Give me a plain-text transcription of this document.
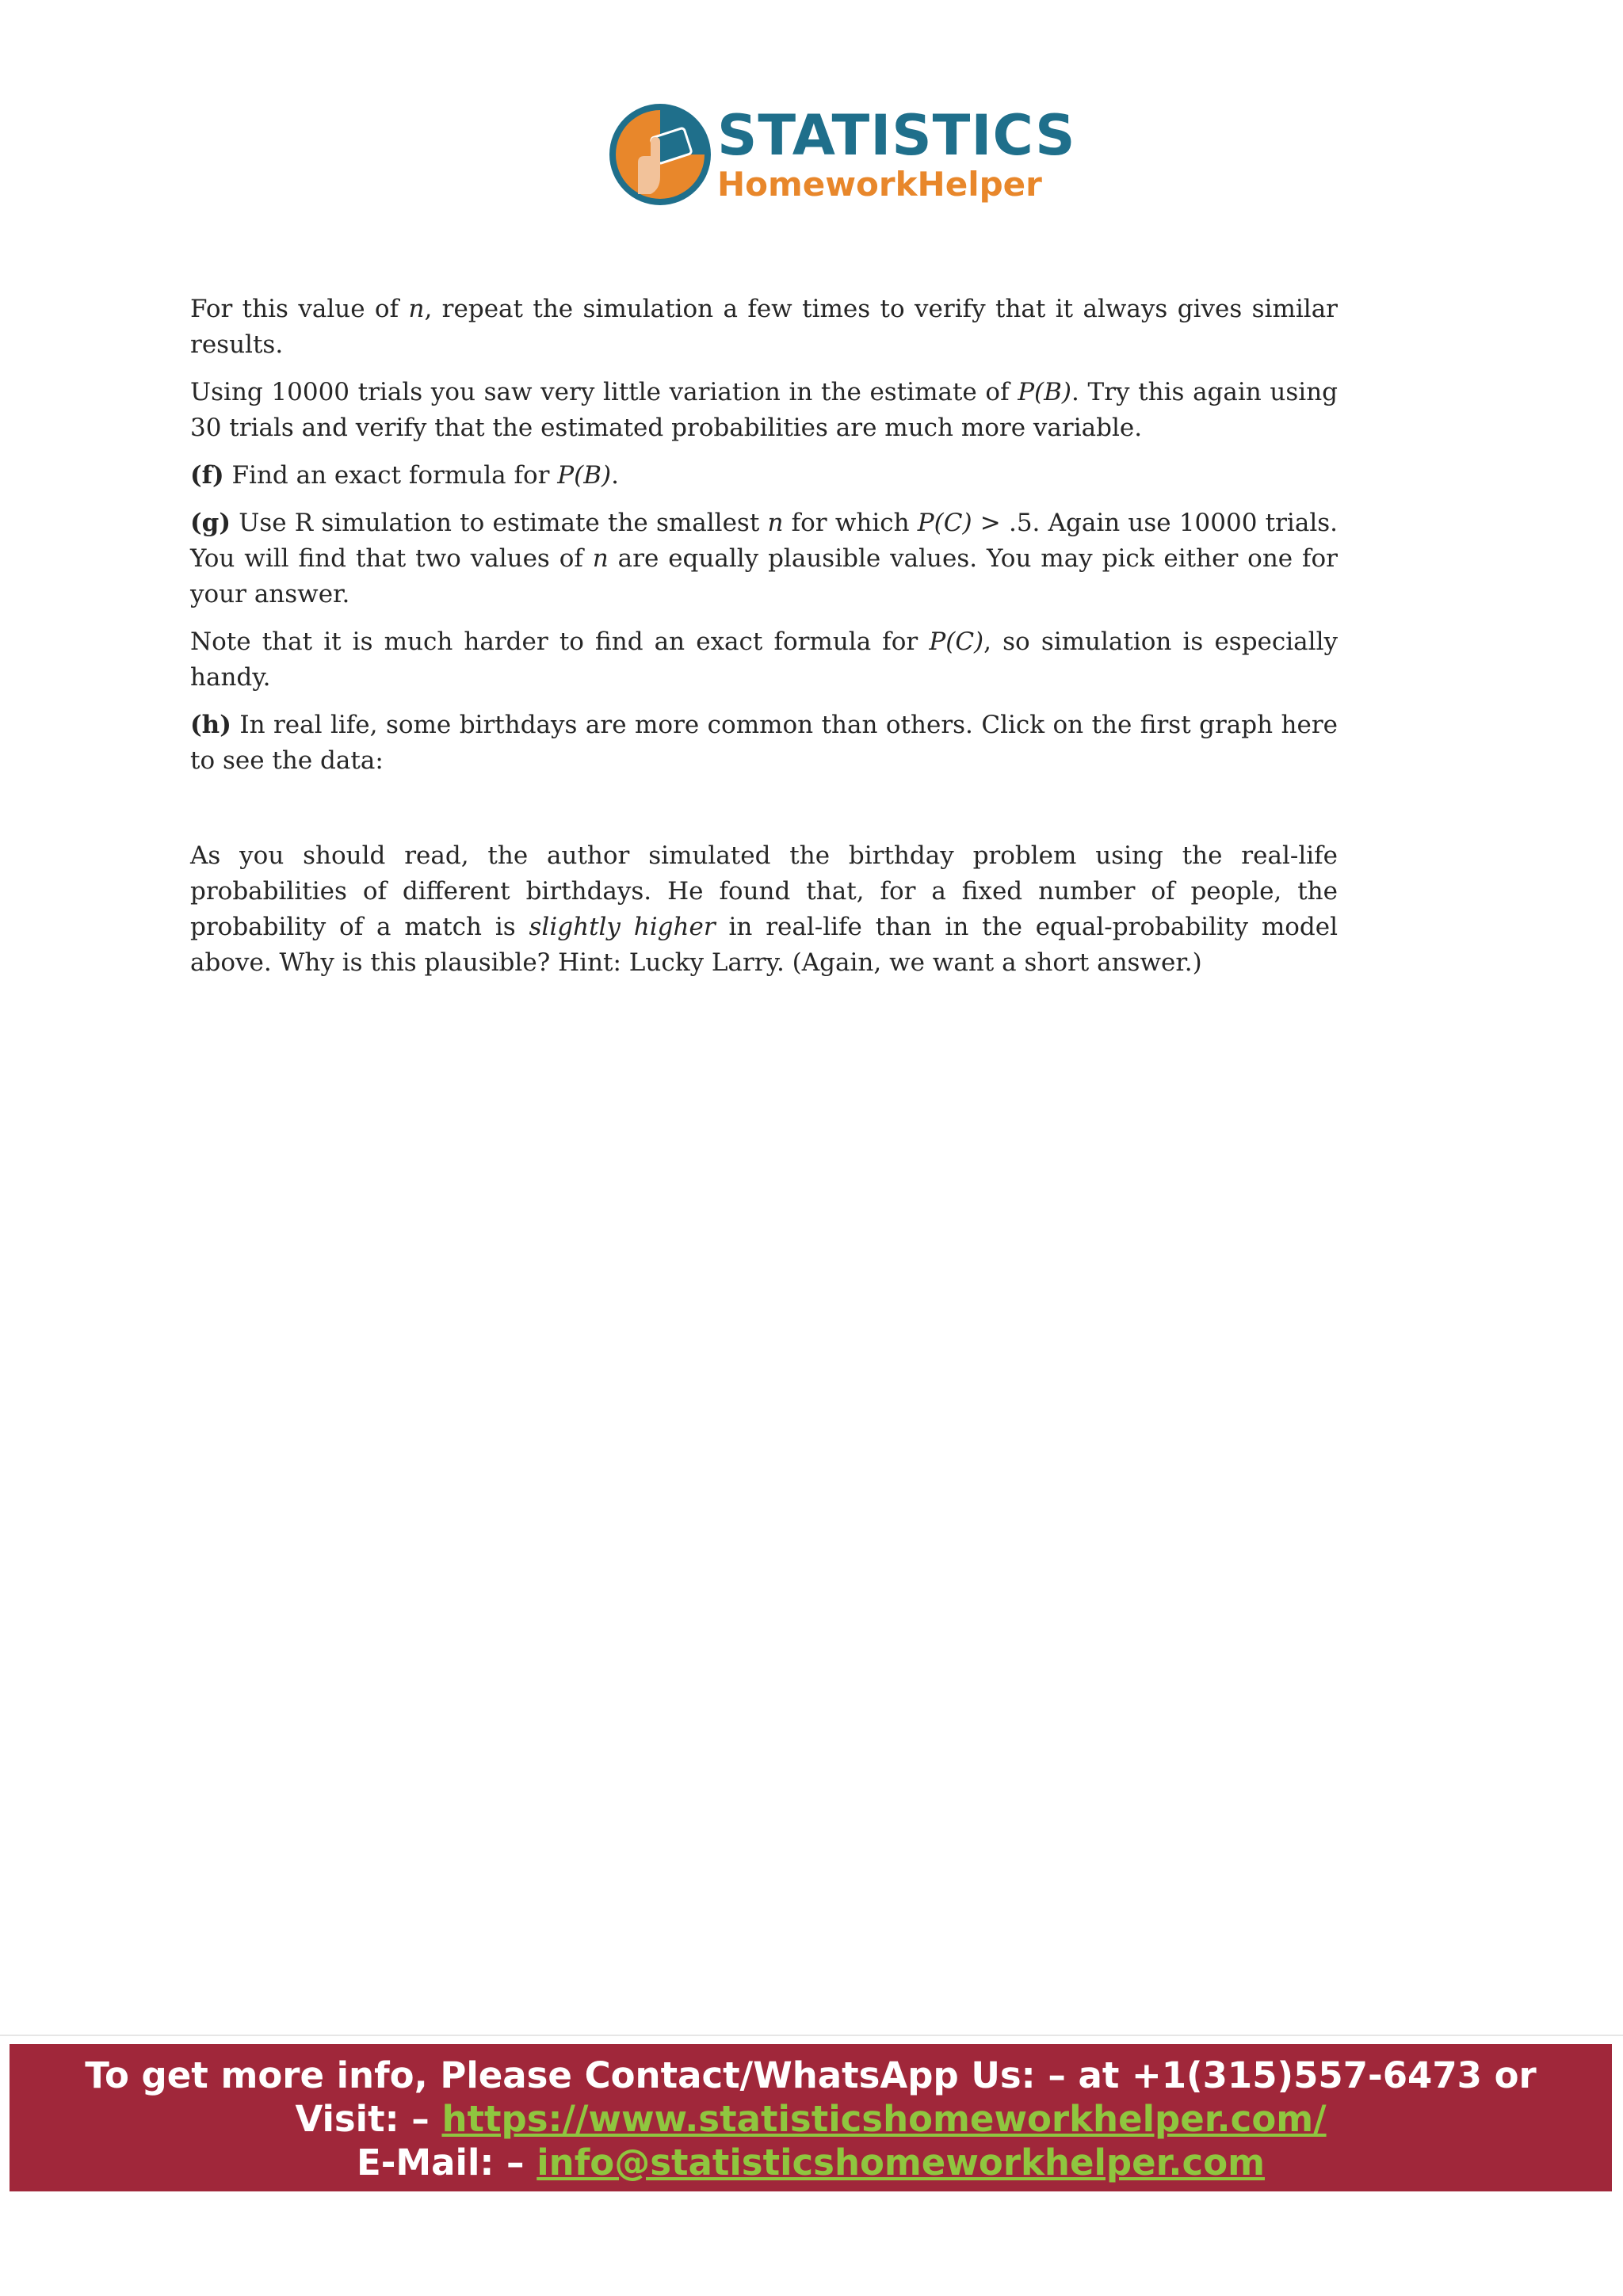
STATISTICS
HomeworkHelper

For this value of n, repeat the simulation a few times to verify that it always gives similar results.

Using 10000 trials you saw very little variation in the estimate of P(B). Try this again using 30 trials and verify that the estimated probabilities are much more variable.

(f) Find an exact formula for P(B).

(g) Use R simulation to estimate the smallest n for which P(C) > .5. Again use 10000 trials. You will find that two values of n are equally plausible values. You may pick either one for your answer.

Note that it is much harder to find an exact formula for P(C), so simulation is especially handy.

(h) In real life, some birthdays are more common than others. Click on the first graph here to see the data:

As you should read, the author simulated the birthday problem using the real-life probabilities of different birthdays. He found that, for a fixed number of people, the probability of a match is slightly higher in real-life than in the equal-probability model above. Why is this plausible? Hint: Lucky Larry. (Again, we want a short answer.)

To get more info, Please Contact/WhatsApp Us: – at +1(315)557-6473 or
Visit: – https://www.statisticshomeworkhelper.com/
E-Mail: – info@statisticshomeworkhelper.com
